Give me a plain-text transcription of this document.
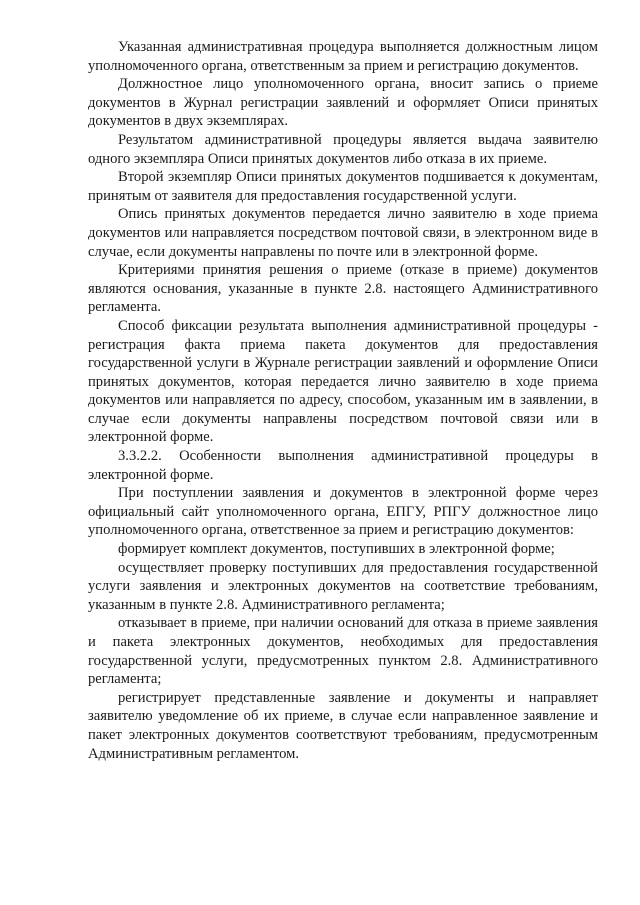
Указанная административная процедура выполняется должностным лицом уполномоченного органа, ответственным за прием и регистрацию документов.

Должностное лицо уполномоченного органа, вносит запись о приеме документов в Журнал регистрации заявлений и оформляет Описи принятых документов в двух экземплярах.

Результатом административной процедуры является выдача заявителю одного экземпляра Описи принятых документов либо отказа в их приеме.

Второй экземпляр Описи принятых документов подшивается к документам, принятым от заявителя для предоставления государственной услуги.

Опись принятых документов передается лично заявителю в ходе приема документов или направляется посредством почтовой связи, в электронном виде в случае, если документы направлены по почте или в электронной форме.

Критериями принятия решения о приеме (отказе в приеме) документов являются основания, указанные в пункте 2.8. настоящего Административного регламента.

Способ фиксации результата выполнения административной процедуры - регистрация факта приема пакета документов для предоставления государственной услуги в Журнале регистрации заявлений и оформление Описи принятых документов, которая передается лично заявителю в ходе приема документов или направляется по адресу, способом, указанным им в заявлении, в случае если документы направлены посредством почтовой связи или в электронной форме.

3.3.2.2. Особенности выполнения административной процедуры в электронной форме.

При поступлении заявления и документов в электронной форме через официальный сайт уполномоченного органа, ЕПГУ, РПГУ должностное лицо уполномоченного органа, ответственное за прием и регистрацию документов:

формирует комплект документов, поступивших в электронной форме;

осуществляет проверку поступивших для предоставления государственной услуги заявления и электронных документов на соответствие требованиям, указанным в пункте 2.8. Административного регламента;

отказывает в приеме, при наличии оснований для отказа в приеме заявления и пакета электронных документов, необходимых для предоставления государственной услуги, предусмотренных пунктом 2.8. Административного регламента;

регистрирует представленные заявление и документы и направляет заявителю уведомление об их приеме, в случае если направленное заявление и пакет электронных документов соответствуют требованиям, предусмотренным Административным регламентом.
